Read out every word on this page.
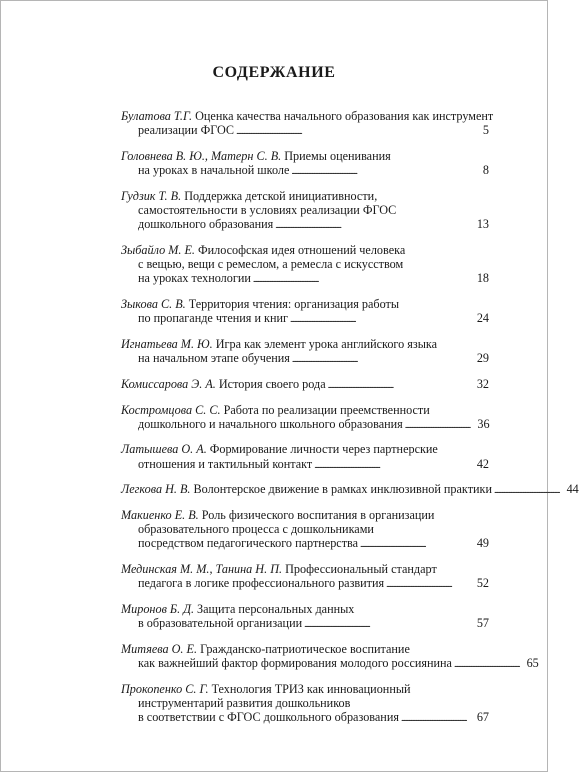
СОДЕРЖАНИЕ
Булатова Т.Г. Оценка качества начального образования как инструмент
реализации ФГОС . . .	5
Головнева В. Ю., Матерн С. В. Приемы оценивания
на уроках в начальной школе . . .	8
Гудзик Т. В. Поддержка детской инициативности,
самостоятельности в условиях реализации ФГОС
дошкольного образования . . .	13
Зыбайло М. Е. Философская идея отношений человека
с вещью, вещи с ремеслом, а ремесла с искусством
на уроках технологии . . .	18
Зыкова С. В. Территория чтения: организация работы
по пропаганде чтения и книг . . .	24
Игнатьева М. Ю. Игра как элемент урока английского языка
на начальном этапе обучения . . .	29
Комиссарова Э. А. История своего рода . . .	32
Костромцова С. С. Работа по реализации преемственности
дошкольного и начального школьного образования . . .	36
Латышева О. А. Формирование личности через партнерские
отношения и тактильный контакт . . .	42
Легкова Н. В. Волонтерское движение в рамках инклюзивной практики . . .	44
Макиенко Е. В. Роль физического воспитания в организации
образовательного процесса с дошкольниками
посредством педагогического партнерства . . .	49
Мединская М. М., Танина Н. П. Профессиональный стандарт
педагога в логике профессионального развития . . .	52
Миронов Б. Д. Защита персональных данных
в образовательной организации . . .	57
Митяева О. Е. Гражданско-патриотическое воспитание
как важнейший фактор формирования молодого россиянина . . .	65
Прокопенко С. Г. Технология ТРИЗ как инновационный
инструментарий развития дошкольников
в соответствии с ФГОС дошкольного образования . . .	67
